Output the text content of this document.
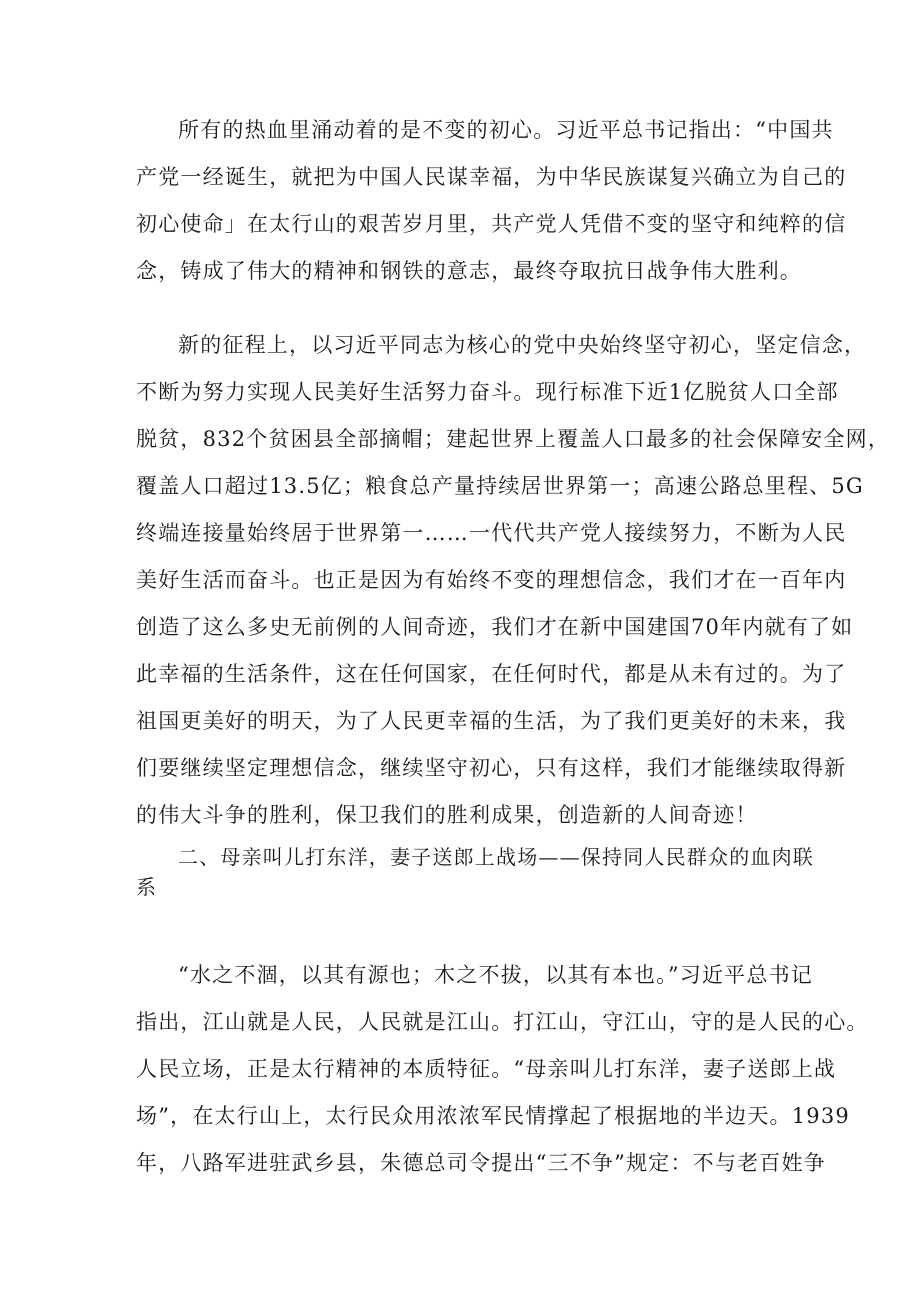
所有的热血里涌动着的是不变的初心。习近平总书记指出：“中国共
产党一经诞生，就把为中国人民谋幸福，为中华民族谋复兴确立为自己的
初心使命」在太行山的艰苦岁月里，共产党人凭借不变的坚守和纯粹的信
念，铸成了伟大的精神和钢铁的意志，最终夺取抗日战争伟大胜利。
新的征程上，以习近平同志为核心的党中央始终坚守初心，坚定信念，
不断为努力实现人民美好生活努力奋斗。现行标准下近1亿脱贫人口全部
脱贫，832个贫困县全部摘帽；建起世界上覆盖人口最多的社会保障安全网，
覆盖人口超过13.5亿；粮食总产量持续居世界第一；高速公路总里程、5G
终端连接量始终居于世界第一……一代代共产党人接续努力，不断为人民
美好生活而奋斗。也正是因为有始终不变的理想信念，我们才在一百年内
创造了这么多史无前例的人间奇迹，我们才在新中国建国70年内就有了如
此幸福的生活条件，这在任何国家，在任何时代，都是从未有过的。为了
祖国更美好的明天，为了人民更幸福的生活，为了我们更美好的未来，我
们要继续坚定理想信念，继续坚守初心，只有这样，我们才能继续取得新
的伟大斗争的胜利，保卫我们的胜利成果，创造新的人间奇迹！
二、母亲叫儿打东洋，妻子送郎上战场——保持同人民群众的血肉联
系
“水之不涸，以其有源也；木之不拔，以其有本也。”习近平总书记
指出，江山就是人民，人民就是江山。打江山，守江山，守的是人民的心。
人民立场，正是太行精神的本质特征。“母亲叫儿打东洋，妻子送郎上战
场”，在太行山上，太行民众用浓浓军民情撑起了根据地的半边天。1939
年，八路军进驻武乡县，朱德总司令提出“三不争”规定：不与老百姓争
